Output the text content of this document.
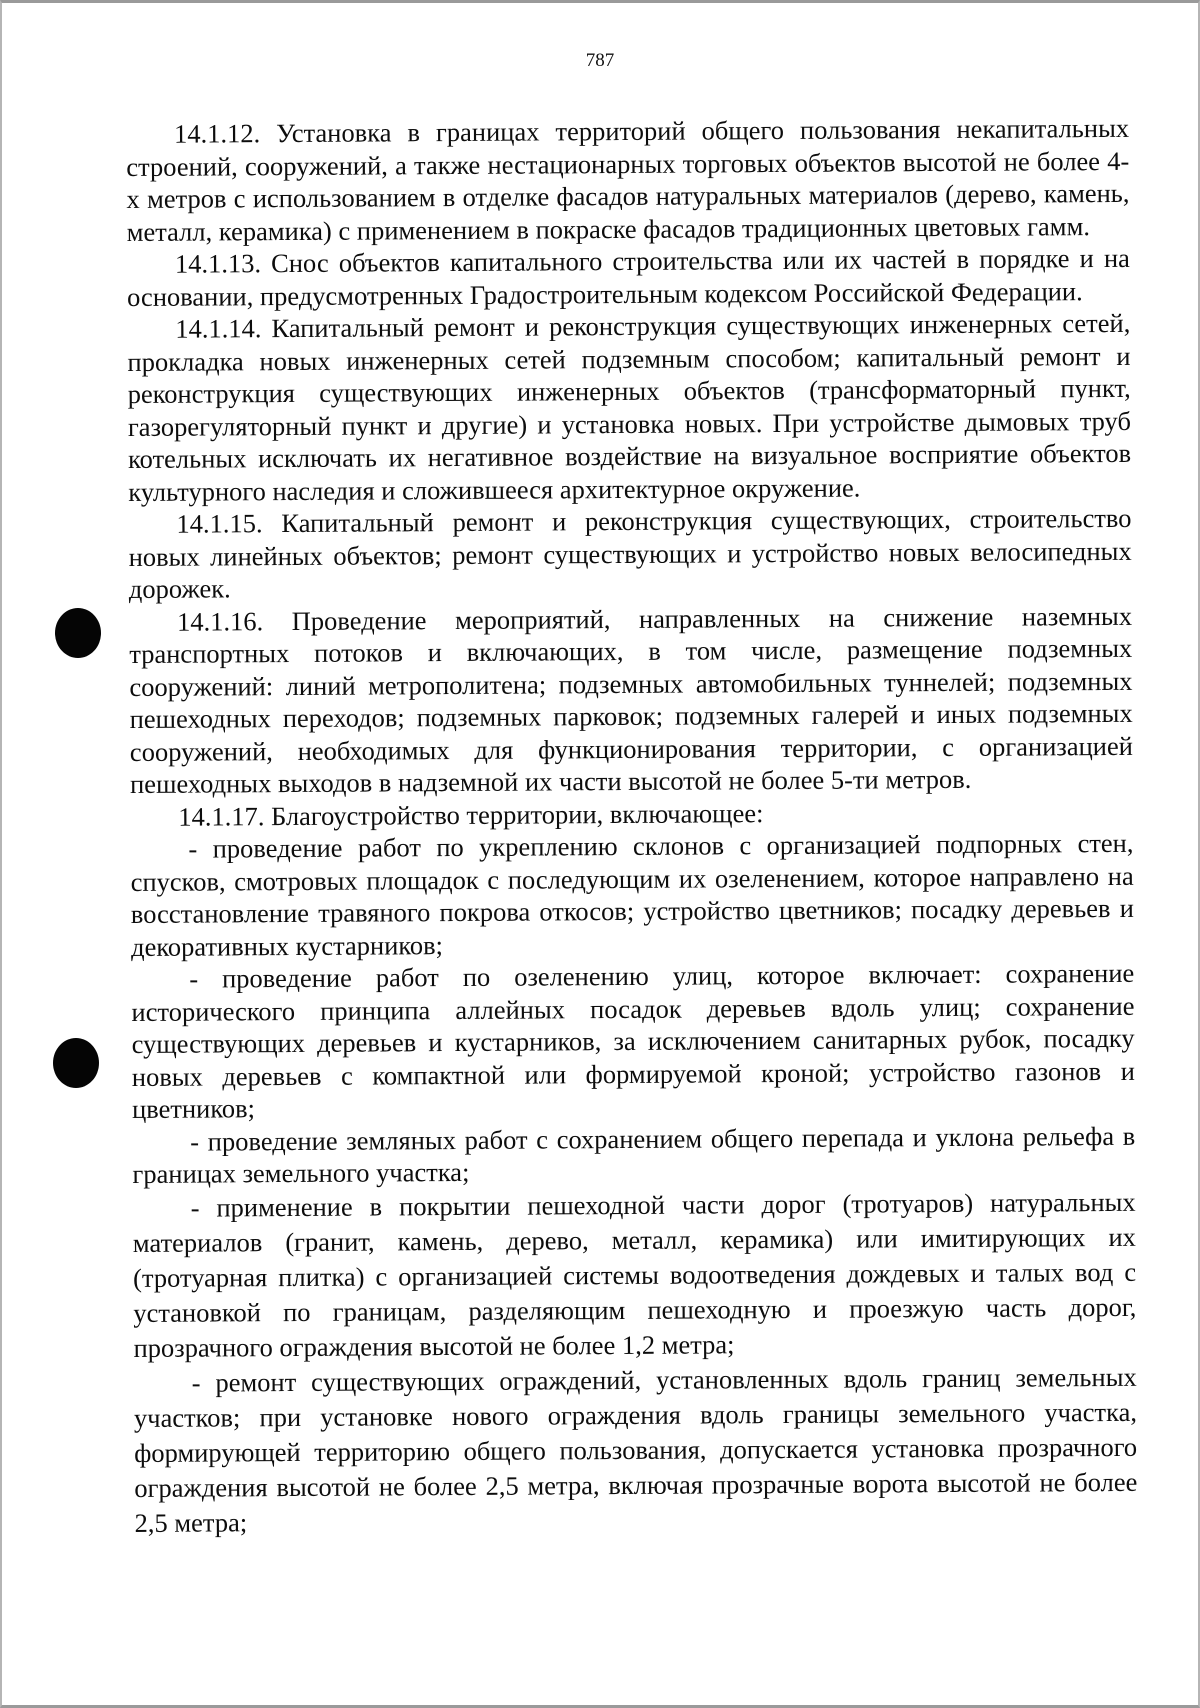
787

14.1.12. Установка в границах территорий общего пользования некапитальных строений, сооружений, а также нестационарных торговых объектов высотой не более 4-х метров с использованием в отделке фасадов натуральных материалов (дерево, камень, металл, керамика) с применением в покраске фасадов традиционных цветовых гамм.

14.1.13. Снос объектов капитального строительства или их частей в порядке и на основании, предусмотренных Градостроительным кодексом Российской Федерации.

14.1.14. Капитальный ремонт и реконструкция существующих инженерных сетей, прокладка новых инженерных сетей подземным способом; капитальный ремонт и реконструкция существующих инженерных объектов (трансформаторный пункт, газорегуляторный пункт и другие) и установка новых. При устройстве дымовых труб котельных исключать их негативное воздействие на визуальное восприятие объектов культурного наследия и сложившееся архитектурное окружение.

14.1.15. Капитальный ремонт и реконструкция существующих, строительство новых линейных объектов; ремонт существующих и устройство новых велосипедных дорожек.

14.1.16. Проведение мероприятий, направленных на снижение наземных транспортных потоков и включающих, в том числе, размещение подземных сооружений: линий метрополитена; подземных автомобильных туннелей; подземных пешеходных переходов; подземных парковок; подземных галерей и иных подземных сооружений, необходимых для функционирования территории, с организацией пешеходных выходов в надземной их части высотой не более 5-ти метров.

14.1.17. Благоустройство территории, включающее:

- проведение работ по укреплению склонов с организацией подпорных стен, спусков, смотровых площадок с последующим их озеленением, которое направлено на восстановление травяного покрова откосов; устройство цветников; посадку деревьев и декоративных кустарников;

- проведение работ по озеленению улиц, которое включает: сохранение исторического принципа аллейных посадок деревьев вдоль улиц; сохранение существующих деревьев и кустарников, за исключением санитарных рубок, посадку новых деревьев с компактной или формируемой кроной; устройство газонов и цветников;

- проведение земляных работ с сохранением общего перепада и уклона рельефа в границах земельного участка;

- применение в покрытии пешеходной части дорог (тротуаров) натуральных материалов (гранит, камень, дерево, металл, керамика) или имитирующих их (тротуарная плитка) с организацией системы водоотведения дождевых и талых вод с установкой по границам, разделяющим пешеходную и проезжую часть дорог, прозрачного ограждения высотой не более 1,2 метра;

- ремонт существующих ограждений, установленных вдоль границ земельных участков; при установке нового ограждения вдоль границы земельного участка, формирующей территорию общего пользования, допускается установка прозрачного ограждения высотой не более 2,5 метра, включая прозрачные ворота высотой не более 2,5 метра;
